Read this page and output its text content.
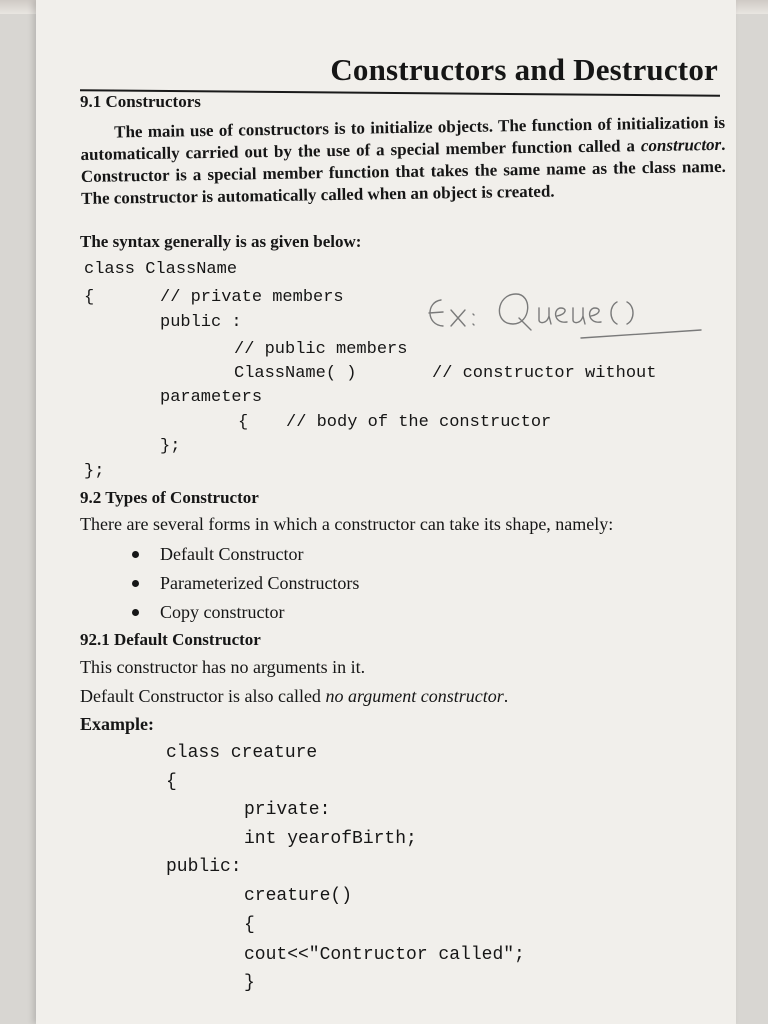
Constructors and Destructor
9.1 Constructors
The main use of constructors is to initialize objects. The function of initialization is automatically carried out by the use of a special member function called a constructor. Constructor is a special member function that takes the same name as the class name. The constructor is automatically called when an object is created.
The syntax generally is as given below:
class ClassName
{	// private members
public :
// public members
ClassName( )	// constructor without
parameters
{ // body of the constructor
};
};
Ex: Queue()
9.2 Types of Constructor
There are several forms in which a constructor can take its shape, namely:
Default Constructor
Parameterized Constructors
Copy constructor
92.1 Default Constructor
This constructor has no arguments in it.
Default Constructor is also called no argument constructor.
Example:
class creature
{
private:
int yearofBirth;
public:
creature()
{
cout<<"Contructor called";
}
